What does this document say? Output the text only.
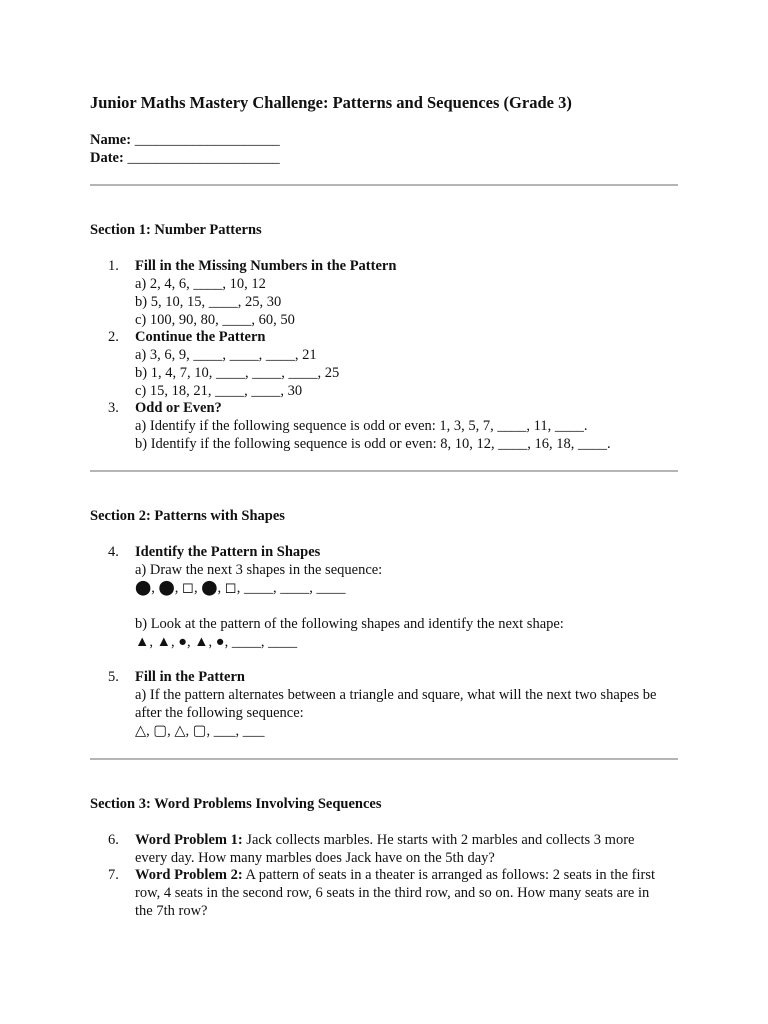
Junior Maths Mastery Challenge: Patterns and Sequences (Grade 3)
Name: ____________________
Date: _____________________
Section 1: Number Patterns
1.	Fill in the Missing Numbers in the Pattern
a) 2, 4, 6, ____, 10, 12
b) 5, 10, 15, ____, 25, 30
c) 100, 90, 80, ____, 60, 50
2.	Continue the Pattern
a) 3, 6, 9, ____, ____, ____, 21
b) 1, 4, 7, 10, ____, ____, ____, 25
c) 15, 18, 21, ____, ____, 30
3.	Odd or Even?
a) Identify if the following sequence is odd or even: 1, 3, 5, 7, ____, 11, ____.
b) Identify if the following sequence is odd or even: 8, 10, 12, ____, 16, 18, ____.
Section 2: Patterns with Shapes
4.	Identify the Pattern in Shapes
a) Draw the next 3 shapes in the sequence:
⬤, ⬤, ◻, ⬤, ◻, ____, ____, ____
b) Look at the pattern of the following shapes and identify the next shape:
▲, ▲, ●, ▲, ●, ____, ____
5.	Fill in the Pattern
a) If the pattern alternates between a triangle and square, what will the next two shapes be after the following sequence:
△, ▢, △, ▢, ___, ___
Section 3: Word Problems Involving Sequences
6.	Word Problem 1: Jack collects marbles. He starts with 2 marbles and collects 3 more every day. How many marbles does Jack have on the 5th day?
7.	Word Problem 2: A pattern of seats in a theater is arranged as follows: 2 seats in the first row, 4 seats in the second row, 6 seats in the third row, and so on. How many seats are in the 7th row?
